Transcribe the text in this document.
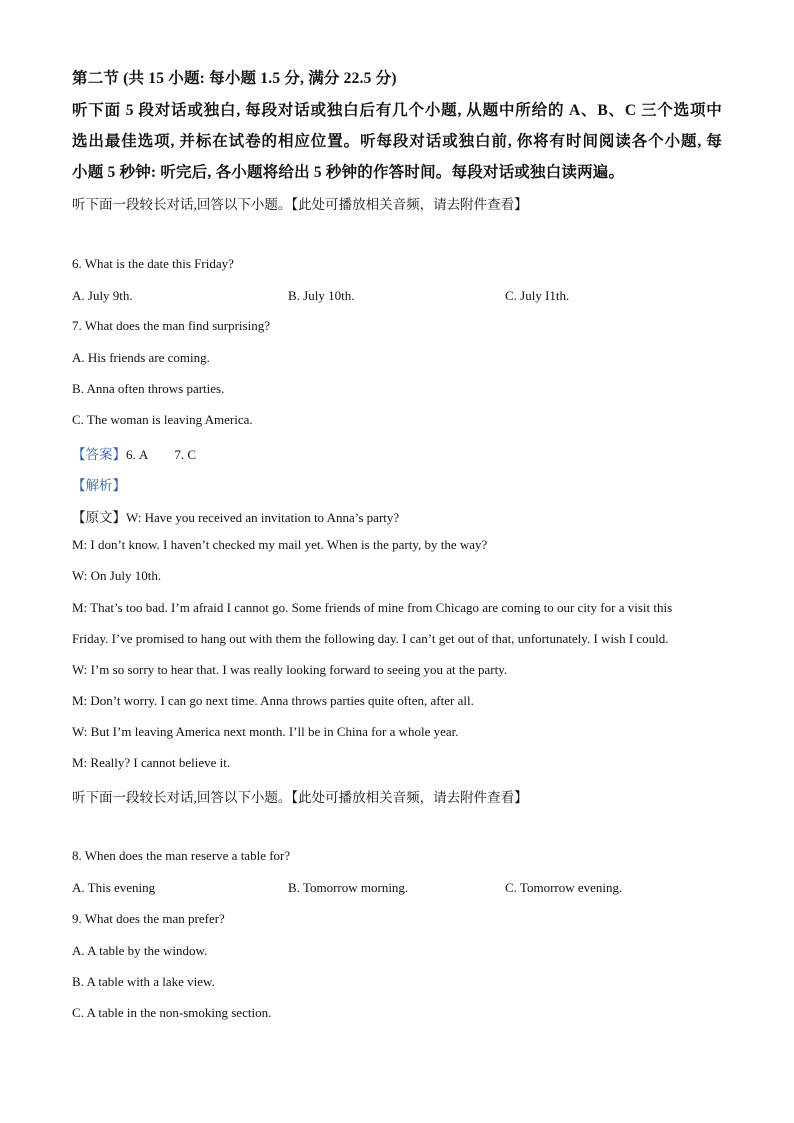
第二节 (共 15 小题: 每小题 1.5 分, 满分 22.5 分)
听下面 5 段对话或独白, 每段对话或独白后有几个小题, 从题中所给的 A、B、C 三个选项中
选出最佳选项, 并标在试卷的相应位置。听每段对话或独白前, 你将有时间阅读各个小题, 每
小题 5 秒钟: 听完后, 各小题将给出 5 秒钟的作答时间。每段对话或独白读两遍。
听下面一段较长对话,回答以下小题。【此处可播放相关音频，请去附件查看】
6. What is the date this Friday?
A. July 9th.	B. July 10th.	C. July I1th.
7. What does the man find surprising?
A. His friends are coming.
B. Anna often throws parties.
C. The woman is leaving America.
【答案】6. A 7. C
【解析】
【原文】W: Have you received an invitation to Anna’s party?
M: I don’t know. I haven’t checked my mail yet. When is the party, by the way?
W: On July 10th.
M: That’s too bad. I’m afraid I cannot go. Some friends of mine from Chicago are coming to our city for a visit this
Friday. I’ve promised to hang out with them the following day. I can’t get out of that, unfortunately. I wish I could.
W: I’m so sorry to hear that. I was really looking forward to seeing you at the party.
M: Don’t worry. I can go next time. Anna throws parties quite often, after all.
W: But I’m leaving America next month. I’ll be in China for a whole year.
M: Really? I cannot believe it.
听下面一段较长对话,回答以下小题。【此处可播放相关音频，请去附件查看】
8. When does the man reserve a table for?
A. This evening	B. Tomorrow morning.	C. Tomorrow evening.
9. What does the man prefer?
A. A table by the window.
B. A table with a lake view.
C. A table in the non-smoking section.
